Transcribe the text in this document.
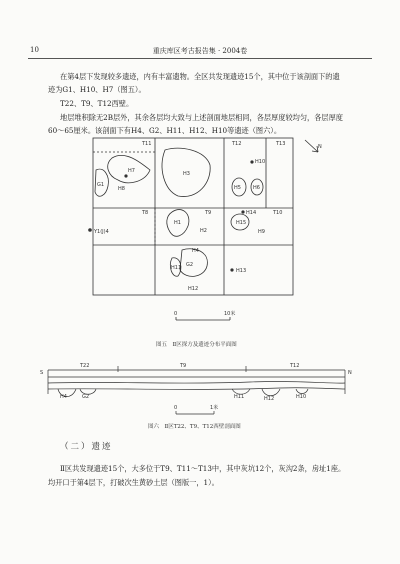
10	重庆库区考古报告集 · 2004卷
在第4层下发现较多遗迹，内有丰富遗物。全区共发现遗迹15个，其中位于该剖面下的遗
迹为G1、H10、H7（图五）。
T22、T9、T12西壁。
地层堆积除无2B层外，其余各层均大致与上述剖面地层相同，各层厚度较均匀，各层厚度
60～65厘米。该剖面下有H4、G2、H11、H12、H10等遗迹（图六）。
T11	T12	T13
T8	T9	T10
H7
G1
H8
H3
H5 H6
H10
H14
H15
H1
H2
H4
H11 G2
H12
H13
H9
Y1(J)4
N
0	10米
图五　Ⅱ区探方及遗迹分布平面图
S	N
T22	T9	T12
H4	G2	H11	H12	H10
0	1米
图六　Ⅱ区T22、T9、T12西壁剖面图
（二）遗迹
Ⅱ区共发现遗迹15个，大多位于T9、T11～T13中，其中灰坑12个，灰沟2条，房址1座。
均开口于第4层下，打破次生黄砂土层（图版一，1）。
